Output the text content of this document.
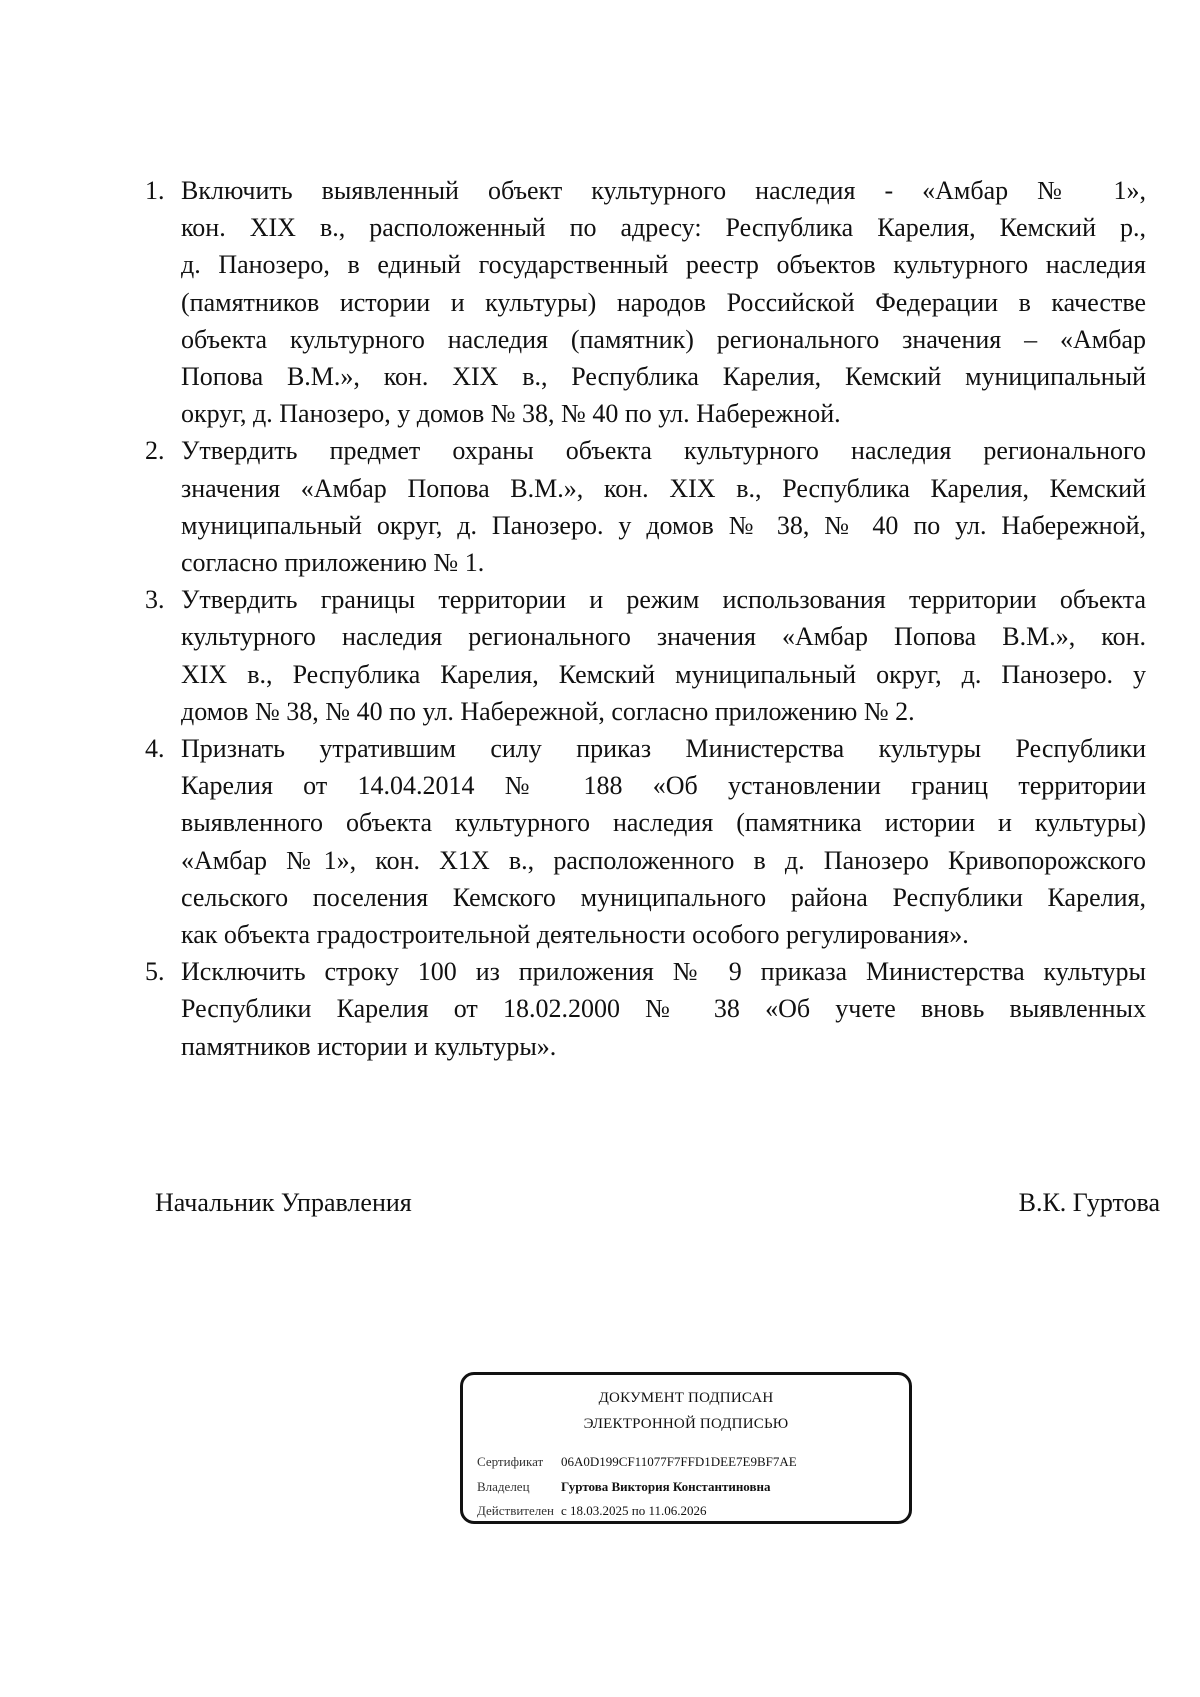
1. Включить выявленный объект культурного наследия - «Амбар № 1»,
кон. XIX в., расположенный по адресу: Республика Карелия, Кемский р.,
д. Панозеро, в единый государственный реестр объектов культурного наследия
(памятников истории и культуры) народов Российской Федерации в качестве
объекта культурного наследия (памятник) регионального значения – «Амбар
Попова В.М.», кон. XIX в., Республика Карелия, Кемский муниципальный
округ, д. Панозеро, у домов № 38, № 40 по ул. Набережной.
2. Утвердить предмет охраны объекта культурного наследия регионального
значения «Амбар Попова В.М.», кон. XIX в., Республика Карелия, Кемский
муниципальный округ, д. Панозеро. у домов № 38, № 40 по ул. Набережной,
согласно приложению № 1.
3. Утвердить границы территории и режим использования территории объекта
культурного наследия регионального значения «Амбар Попова В.М.», кон.
XIX в., Республика Карелия, Кемский муниципальный округ, д. Панозеро. у
домов № 38, № 40 по ул. Набережной, согласно приложению № 2.
4. Признать утратившим силу приказ Министерства культуры Республики
Карелия от 14.04.2014 № 188 «Об установлении границ территории
выявленного объекта культурного наследия (памятника истории и культуры)
«Амбар №1», кон. Х1Х в., расположенного в д. Панозеро Кривопорожского
сельского поселения Кемского муниципального района Республики Карелия,
как объекта градостроительной деятельности особого регулирования».
5. Исключить строку 100 из приложения № 9 приказа Министерства культуры
Республики Карелия от 18.02.2000 № 38 «Об учете вновь выявленных
памятников истории и культуры».
Начальник Управления	В.К. Гуртова
ДОКУМЕНТ ПОДПИСАН
ЭЛЕКТРОННОЙ ПОДПИСЬЮ
Сертификат 06A0D199CF11077F7FFD1DEE7E9BF7AE
Владелец Гуртова Виктория Константиновна
Действителен с 18.03.2025 по 11.06.2026
